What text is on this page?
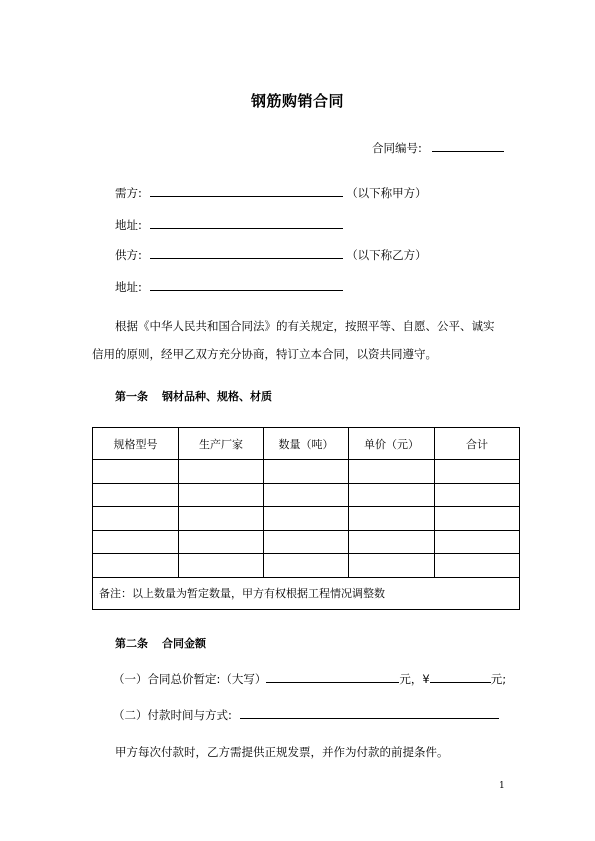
钢筋购销合同
合同编号:
需方:	（以下称甲方）
地址:
供方:	（以下称乙方）
地址:
根据《中华人民共和国合同法》的有关规定，按照平等、自愿、公平、诚实
信用的原则，经甲乙双方充分协商，特订立本合同，以资共同遵守。
第一条 钢材品种、规格、材质
规格型号	生产厂家	数量（吨）	单价（元）	合计

备注：以上数量为暂定数量，甲方有权根据工程情况调整数				
第二条 合同金额
（一）合同总价暂定:（大写）	元，¥	元;
（二）付款时间与方式:
甲方每次付款时，乙方需提供正规发票，并作为付款的前提条件。
1
